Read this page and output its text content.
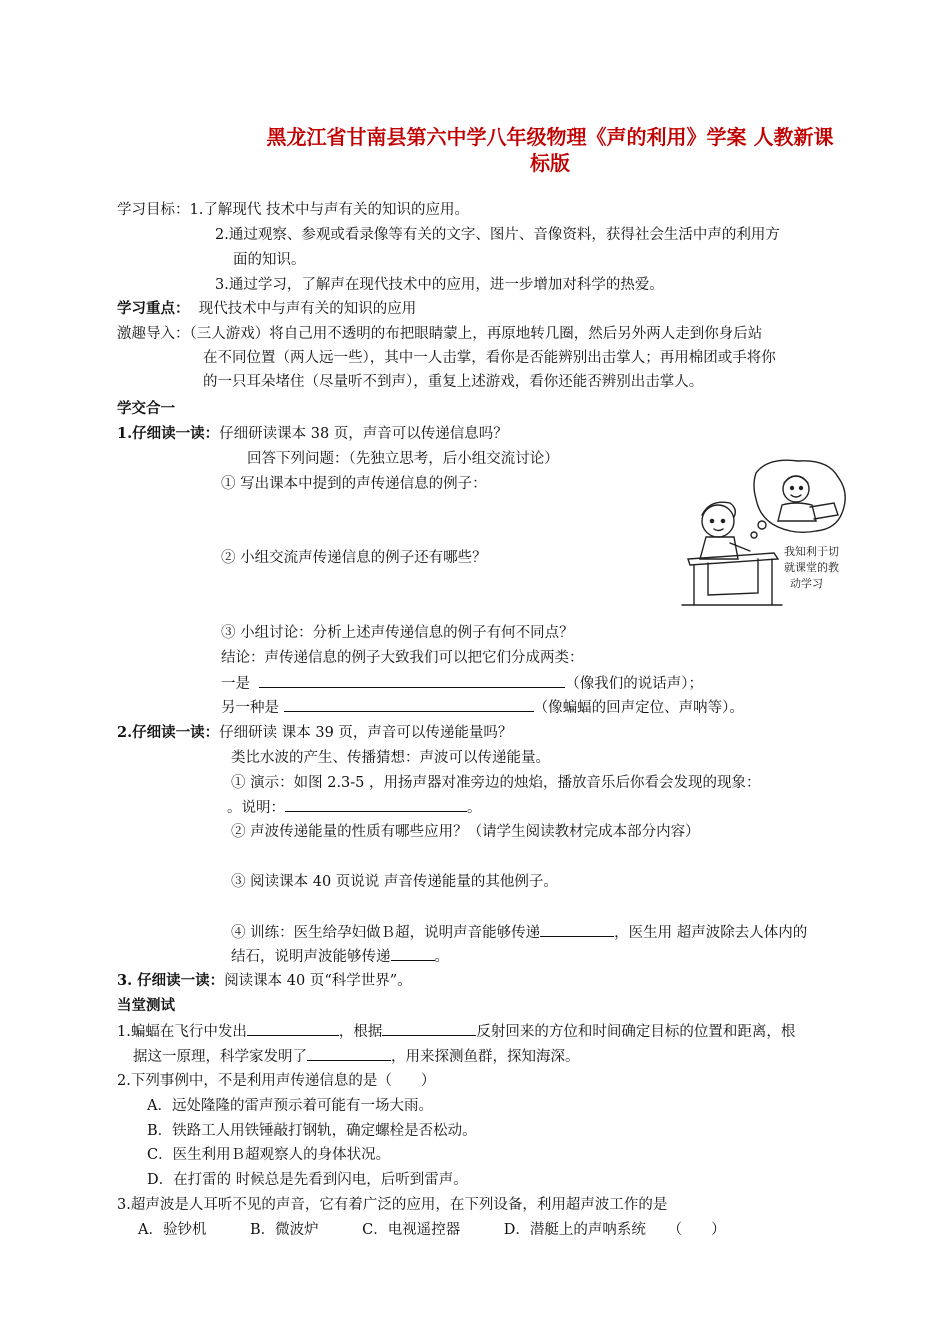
黑龙江省甘南县第六中学八年级物理《声的利用》学案 人教新课
标版
学习目标：1.了解现代 技术中与声有关的知识的应用。
2.通过观察、参观或看录像等有关的文字、图片、音像资料，获得社会生活中声的利用方
面的知识。
3.通过学习，了解声在现代技术中的应用，进一步增加对科学的热爱。
学习重点： 现代技术中与声有关的知识的应用
激趣导入：（三人游戏）将自己用不透明的布把眼睛蒙上，再原地转几圈，然后另外两人走到你身后站
在不同位置（两人远一些），其中一人击掌，看你是否能辨别出击掌人；再用棉团或手将你
的一只耳朵堵住（尽量听不到声），重复上述游戏，看你还能否辨别出击掌人。
学交合一
1.仔细读一读：仔细研读课本 38 页，声音可以传递信息吗？
回答下列问题：（先独立思考，后小组交流讨论）
① 写出课本中提到的声传递信息的例子：
② 小组交流声传递信息的例子还有哪些？
③ 小组讨论：分析上述声传递信息的例子有何不同点？
结论：声传递信息的例子大致我们可以把它们分成两类：
一是	（像我们的说话声）；
另一种是	（像蝙蝠的回声定位、声呐等）。
我知利于切
就课堂的教
动学习
2.仔细读一读：仔细研读 课本 39 页，声音可以传递能量吗？
类比水波的产生、传播猜想：声波可以传递能量。
① 演示：如图 2.3-5 ，用扬声器对准旁边的烛焰，播放音乐后你看会发现的现象：
。说明：	。
② 声波传递能量的性质有哪些应用？（请学生阅读教材完成本部分内容）
③ 阅读课本 40 页说说 声音传递能量的其他例子。
④ 训练：医生给孕妇做Ｂ超，说明声音能够传递	，医生用 超声波除去人体内的
结石，说明声波能够传递	。
3. 仔细读一读：阅读课本 40 页“科学世界”。
当堂测试
1.蝙蝠在飞行中发出	，根据	反射回来的方位和时间确定目标的位置和距离，根
据这一原理，科学家发明了	，用来探测鱼群，探知海深。
2.下列事例中，不是利用声传递信息的是（　　）
A．远处隆隆的雷声预示着可能有一场大雨。
B．铁路工人用铁锤敲打钢轨，确定螺栓是否松动。
C．医生利用Ｂ超观察人的身体状况。
D．在打雷的 时候总是先看到闪电，后听到雷声。
3.超声波是人耳听不见的声音，它有着广泛的应用，在下列设备，利用超声波工作的是
A．验钞机　　　B．微波炉　　　C．电视遥控器　　　D．潜艇上的声呐系统　　（　　）
